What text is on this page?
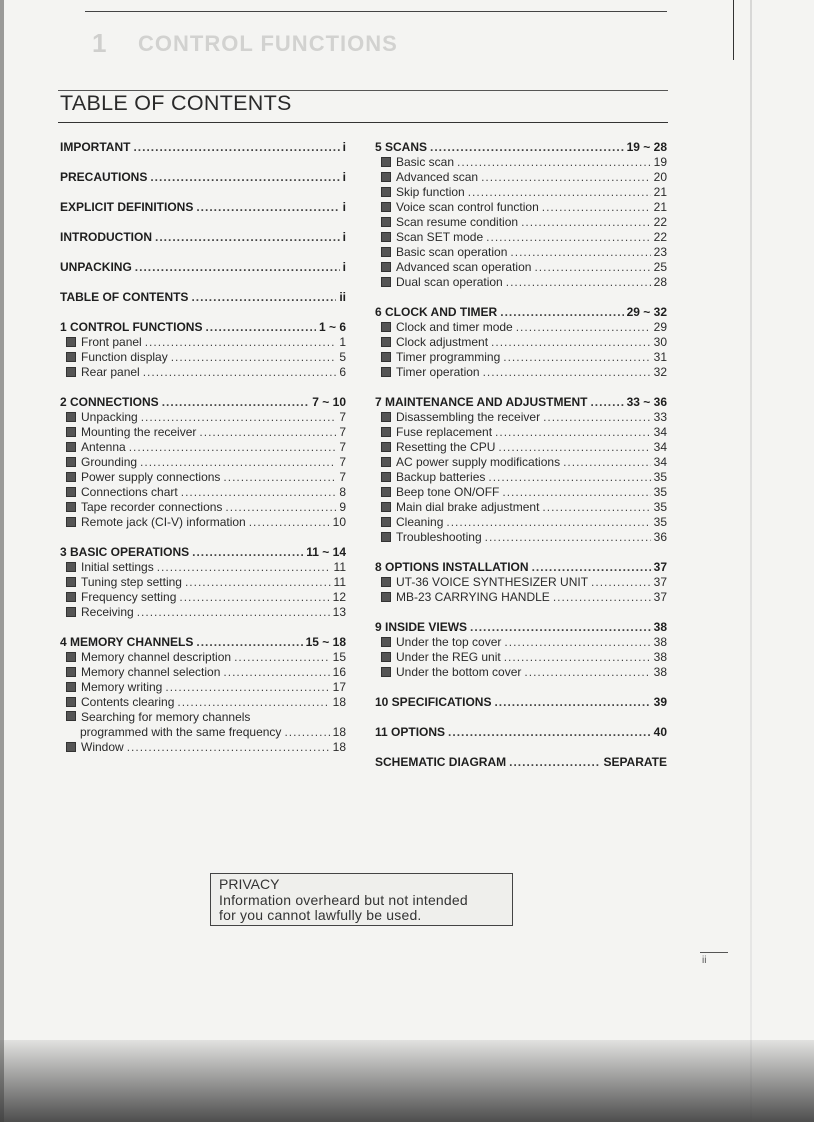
1 CONTROL FUNCTIONS
TABLE OF CONTENTS
IMPORTANT .....	i
PRECAUTIONS .....	i
EXPLICIT DEFINITIONS .....	i
INTRODUCTION .....	i
UNPACKING .....	i
TABLE OF CONTENTS .....	ii
1 CONTROL FUNCTIONS .....	1 ~ 6
Front panel .....	1
Function display .....	5
Rear panel .....	6
2 CONNECTIONS .....	7 ~ 10
Unpacking .....	7
Mounting the receiver .....	7
Antenna .....	7
Grounding .....	7
Power supply connections .....	7
Connections chart .....	8
Tape recorder connections .....	9
Remote jack (CI-V) information .....	10
3 BASIC OPERATIONS .....	11 ~ 14
Initial settings .....	11
Tuning step setting .....	11
Frequency setting .....	12
Receiving .....	13
4 MEMORY CHANNELS .....	15 ~ 18
Memory channel description .....	15
Memory channel selection .....	16
Memory writing .....	17
Contents clearing .....	18
Searching for memory channels
programmed with the same frequency .....	18
Window .....	18
5 SCANS .....	19 ~ 28
Basic scan .....	19
Advanced scan .....	20
Skip function .....	21
Voice scan control function .....	21
Scan resume condition .....	22
Scan SET mode .....	22
Basic scan operation .....	23
Advanced scan operation .....	25
Dual scan operation .....	28
6 CLOCK AND TIMER .....	29 ~ 32
Clock and timer mode .....	29
Clock adjustment .....	30
Timer programming .....	31
Timer operation .....	32
7 MAINTENANCE AND ADJUSTMENT .....	33 ~ 36
Disassembling the receiver .....	33
Fuse replacement .....	34
Resetting the CPU .....	34
AC power supply modifications .....	34
Backup batteries .....	35
Beep tone ON/OFF .....	35
Main dial brake adjustment .....	35
Cleaning .....	35
Troubleshooting .....	36
8 OPTIONS INSTALLATION .....	37
UT-36 VOICE SYNTHESIZER UNIT .....	37
MB-23 CARRYING HANDLE .....	37
9 INSIDE VIEWS .....	38
Under the top cover .....	38
Under the REG unit .....	38
Under the bottom cover .....	38
10 SPECIFICATIONS .....	39
11 OPTIONS .....	40
SCHEMATIC DIAGRAM .....	SEPARATE
PRIVACY
Information overheard but not intended
for you cannot lawfully be used.
ii
